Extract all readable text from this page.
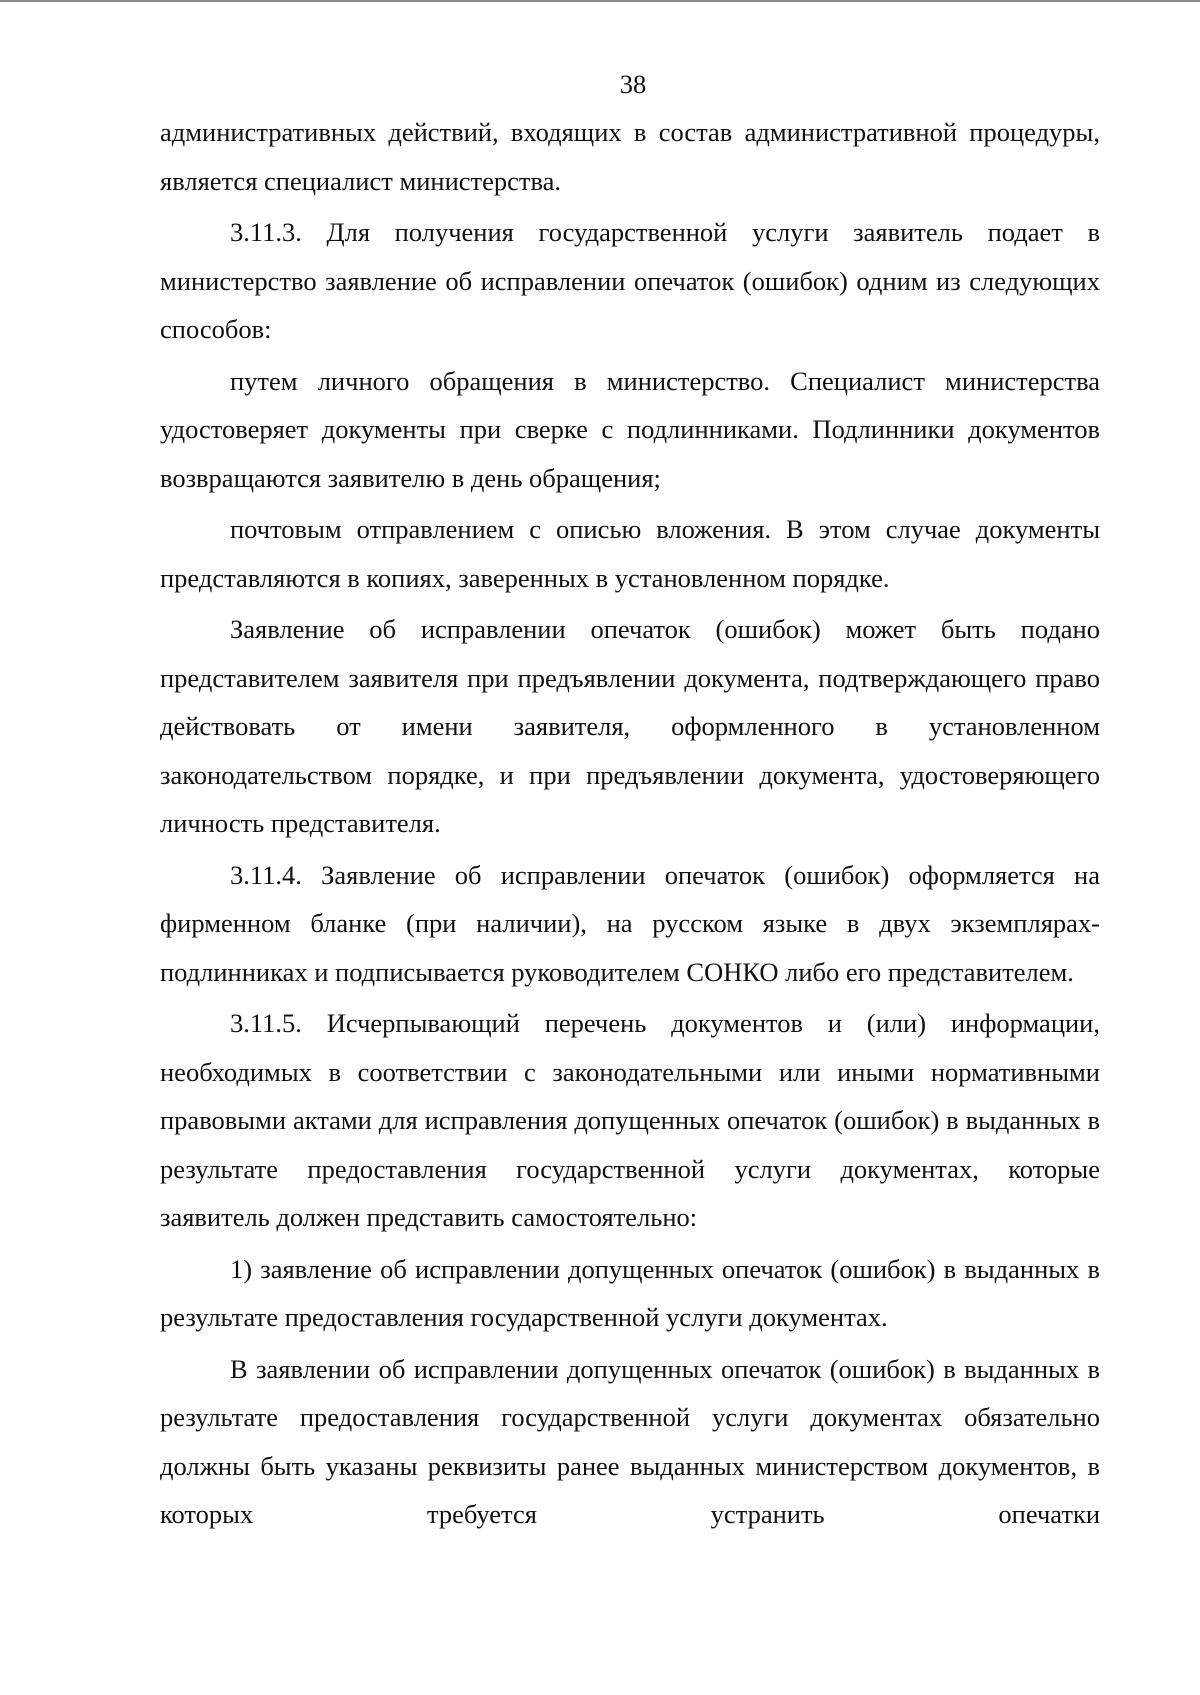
38

административных действий, входящих в состав административной процедуры, является специалист министерства.

3.11.3. Для получения государственной услуги заявитель подает в министерство заявление об исправлении опечаток (ошибок) одним из следующих способов:

путем личного обращения в министерство. Специалист министерства удостоверяет документы при сверке с подлинниками. Подлинники документов возвращаются заявителю в день обращения;

почтовым отправлением с описью вложения. В этом случае документы представляются в копиях, заверенных в установленном порядке.

Заявление об исправлении опечаток (ошибок) может быть подано представителем заявителя при предъявлении документа, подтверждающего право действовать от имени заявителя, оформленного в установленном законодательством порядке, и при предъявлении документа, удостоверяющего личность представителя.

3.11.4. Заявление об исправлении опечаток (ошибок) оформляется на фирменном бланке (при наличии), на русском языке в двух экземплярах-подлинниках и подписывается руководителем СОНКО либо его представителем.

3.11.5. Исчерпывающий перечень документов и (или) информации, необходимых в соответствии с законодательными или иными нормативными правовыми актами для исправления допущенных опечаток (ошибок) в выданных в результате предоставления государственной услуги документах, которые заявитель должен представить самостоятельно:

1) заявление об исправлении допущенных опечаток (ошибок) в выданных в результате предоставления государственной услуги документах.

В заявлении об исправлении допущенных опечаток (ошибок) в выданных в результате предоставления государственной услуги документах обязательно должны быть указаны реквизиты ранее выданных министерством документов, в которых требуется устранить опечатки
